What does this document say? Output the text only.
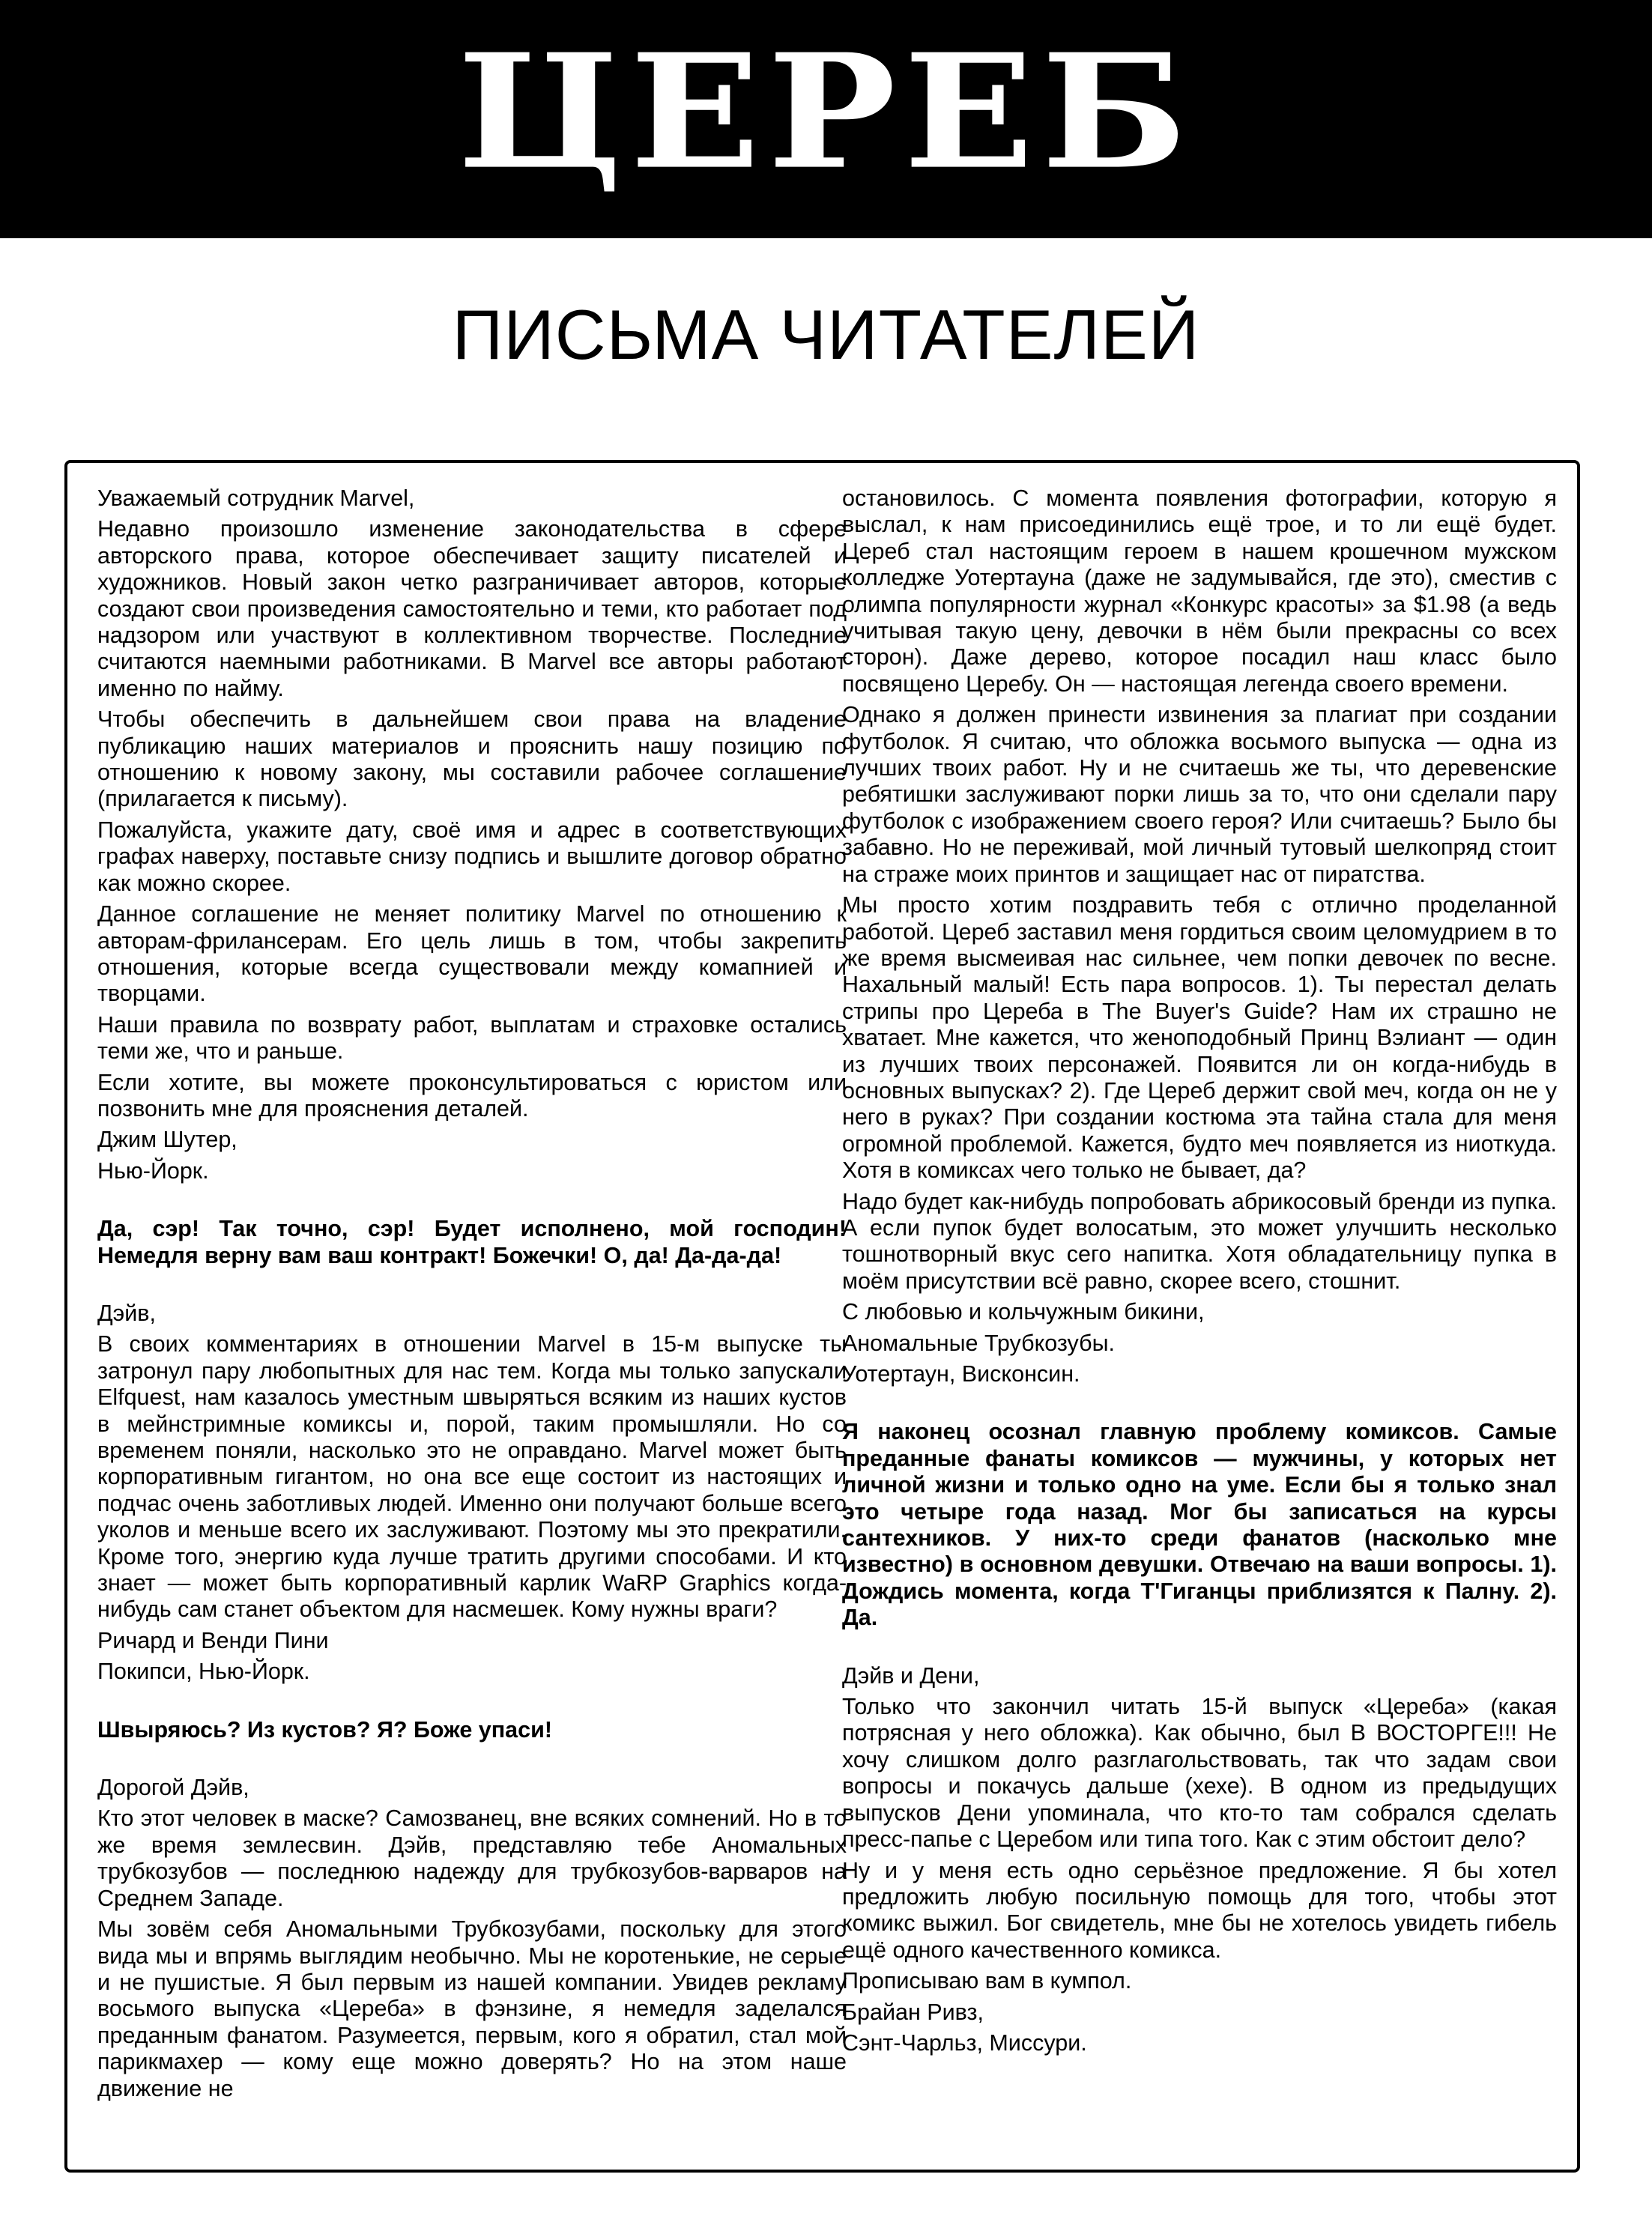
ЦЕРЕБ
ПИСЬМА ЧИТАТЕЛЕЙ

Уважаемый сотрудник Marvel,

Недавно произошло изменение законодательства в сфере авторского права, которое обеспечивает защиту писателей и художников. Новый закон четко разграничивает авторов, которые создают свои произведения самостоятельно и теми, кто работает под надзором или участвуют в коллективном творчестве. Последние считаются наемными работниками. В Marvel все авторы работают именно по найму.

Чтобы обеспечить в дальнейшем свои права на владение публикацию наших материалов и прояснить нашу позицию по отношению к новому закону, мы составили рабочее соглашение (прилагается к письму).

Пожалуйста, укажите дату, своё имя и адрес в соответствующих графах наверху, поставьте снизу подпись и вышлите договор обратно как можно скорее.

Данное соглашение не меняет политику Marvel по отношению к авторам-фрилансерам. Его цель лишь в том, чтобы закрепить отношения, которые всегда существовали между комапнией и творцами.

Наши правила по возврату работ, выплатам и страховке остались теми же, что и раньше.

Если хотите, вы можете проконсультироваться с юристом или позвонить мне для прояснения деталей.

Джим Шутер,

Нью-Йорк.

Да, сэр! Так точно, сэр! Будет исполнено, мой господин! Немедля верну вам ваш контракт! Божечки! О, да! Да-да-да!

Дэйв,

В своих комментариях в отношении Marvel в 15-м выпуске ты затронул пару любопытных для нас тем. Когда мы только запускали Elfquest, нам казалось уместным швыряться всяким из наших кустов в мейнстримные комиксы и, порой, таким промышляли. Но со временем поняли, насколько это не оправдано. Marvel может быть корпоративным гигантом, но она все еще состоит из настоящих и подчас очень заботливых людей. Именно они получают больше всего уколов и меньше всего их заслуживают. Поэтому мы это прекратили. Кроме того, энергию куда лучше тратить другими способами. И кто знает — может быть корпоративный карлик WaRP Graphics когда-нибудь сам станет объектом для насмешек. Кому нужны враги?

Ричард и Венди Пини

Покипси, Нью-Йорк.

Швыряюсь? Из кустов? Я? Боже упаси!

Дорогой Дэйв,

Кто этот человек в маске? Самозванец, вне всяких сомнений. Но в то же время землесвин. Дэйв, представляю тебе Аномальных трубкозубов — последнюю надежду для трубкозубов-варваров на Среднем Западе.

Мы зовём себя Аномальными Трубкозубами, поскольку для этого вида мы и впрямь выглядим необычно. Мы не коротенькие, не серые и не пушистые. Я был первым из нашей компании. Увидев рекламу восьмого выпуска «Цереба» в фэнзине, я немедля заделался преданным фанатом. Разумеется, первым, кого я обратил, стал мой парикмахер — кому еще можно доверять? Но на этом наше движение не

остановилось. С момента появления фотографии, которую я выслал, к нам присоединились ещё трое, и то ли ещё будет. Цереб стал настоящим героем в нашем крошечном мужском колледже Уотертауна (даже не задумывайся, где это), сместив с олимпа популярности журнал «Конкурс красоты» за $1.98 (а ведь учитывая такую цену, девочки в нём были прекрасны со всех сторон). Даже дерево, которое посадил наш класс было посвящено Церебу. Он — настоящая легенда своего времени.

Однако я должен принести извинения за плагиат при создании футболок. Я считаю, что обложка восьмого выпуска — одна из лучших твоих работ. Ну и не считаешь же ты, что деревенские ребятишки заслуживают порки лишь за то, что они сделали пару футболок с изображением своего героя? Или считаешь? Было бы забавно. Но не переживай, мой личный тутовый шелкопряд стоит на страже моих принтов и защищает нас от пиратства.

Мы просто хотим поздравить тебя с отлично проделанной работой. Цереб заставил меня гордиться своим целомудрием в то же время высмеивая нас сильнее, чем попки девочек по весне. Нахальный малый! Есть пара вопросов. 1). Ты перестал делать стрипы про Цереба в The Buyer's Guide? Нам их страшно не хватает. Мне кажется, что женоподобный Принц Вэлиант — один из лучших твоих персонажей. Появится ли он когда-нибудь в основных выпусках? 2). Где Цереб держит свой меч, когда он не у него в руках? При создании костюма эта тайна стала для меня огромной проблемой. Кажется, будто меч появляется из ниоткуда. Хотя в комиксах чего только не бывает, да?

Надо будет как-нибудь попробовать абрикосовый бренди из пупка. А если пупок будет волосатым, это может улучшить несколько тошнотворный вкус сего напитка. Хотя обладательницу пупка в моём присутствии всё равно, скорее всего, стошнит.

С любовью и кольчужным бикини,

Аномальные Трубкозубы.

Уотертаун, Висконсин.

Я наконец осознал главную проблему комиксов. Самые преданные фанаты комиксов — мужчины, у которых нет личной жизни и только одно на уме. Если бы я только знал это четыре года назад. Мог бы записаться на курсы сантехников. У них-то среди фанатов (насколько мне известно) в основном девушки. Отвечаю на ваши вопросы. 1). Дождись момента, когда Т'Гиганцы приблизятся к Палну. 2). Да.

Дэйв и Дени,

Только что закончил читать 15-й выпуск «Цереба» (какая потрясная у него обложка). Как обычно, был В ВОСТОРГЕ!!! Не хочу слишком долго разглагольствовать, так что задам свои вопросы и покачусь дальше (хехе). В одном из предыдущих выпусков Дени упоминала, что кто-то там собрался сделать пресс-папье с Церебом или типа того. Как с этим обстоит дело?

Ну и у меня есть одно серьёзное предложение. Я бы хотел предложить любую посильную помощь для того, чтобы этот комикс выжил. Бог свидетель, мне бы не хотелось увидеть гибель ещё одного качественного комикса.

Прописываю вам в кумпол.

Брайан Ривз,

Сэнт-Чарльз, Миссури.
